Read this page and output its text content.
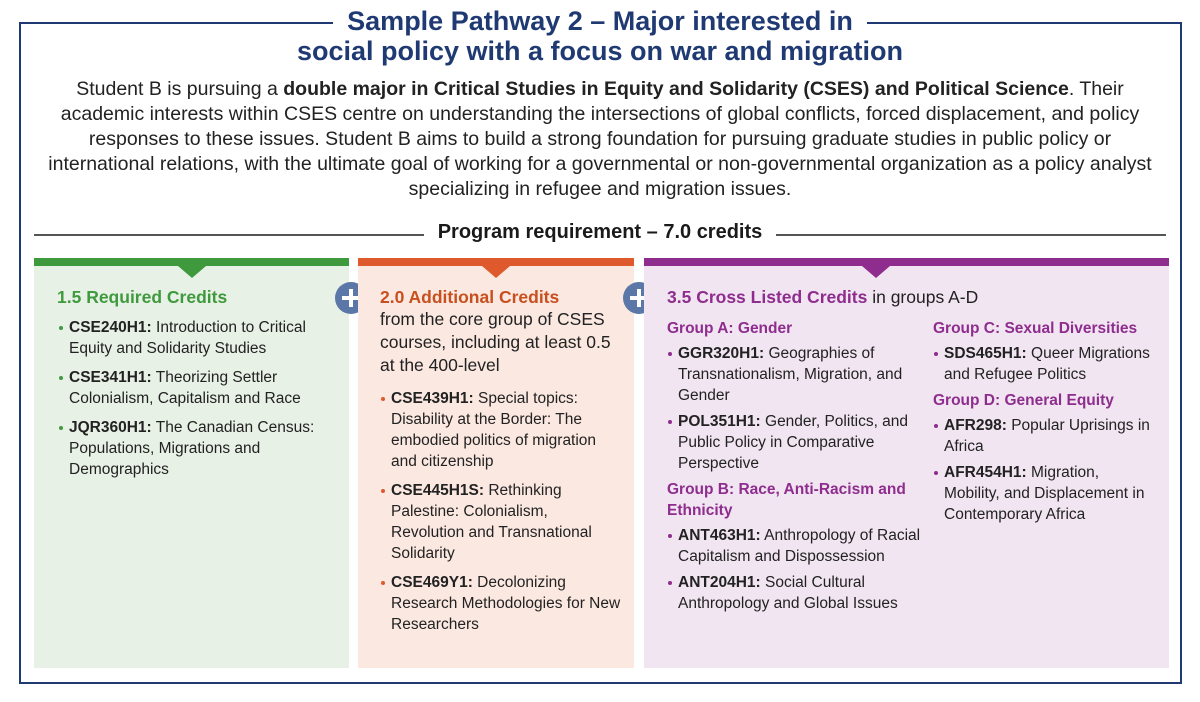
Sample Pathway 2 – Major interested in
social policy with a focus on war and migration

Student B is pursuing a double major in Critical Studies in Equity and Solidarity (CSES) and Political Science. Their academic interests within CSES centre on understanding the intersections of global conflicts, forced displacement, and policy responses to these issues. Student B aims to build a strong foundation for pursuing graduate studies in public policy or international relations, with the ultimate goal of working for a governmental or non-governmental organization as a policy analyst specializing in refugee and migration issues.

Program requirement – 7.0 credits
1.5 Required Credits
CSE240H1: Introduction to Critical Equity and Solidarity Studies
CSE341H1: Theorizing Settler Colonialism, Capitalism and Race
JQR360H1: The Canadian Census: Populations, Migrations and Demographics
2.0 Additional Credits
from the core group of CSES courses, including at least 0.5 at the 400-level
CSE439H1: Special topics: Disability at the Border: The embodied politics of migration and citizenship
CSE445H1S: Rethinking Palestine: Colonialism, Revolution and Transnational Solidarity
CSE469Y1: Decolonizing Research Methodologies for New Researchers
3.5 Cross Listed Credits in groups A-D
Group A: Gender
GGR320H1: Geographies of Transnationalism, Migration, and Gender
POL351H1: Gender, Politics, and Public Policy in Comparative Perspective
Group B: Race, Anti-Racism and Ethnicity
ANT463H1: Anthropology of Racial Capitalism and Dispossession
ANT204H1: Social Cultural Anthropology and Global Issues
Group C: Sexual Diversities
SDS465H1: Queer Migrations and Refugee Politics
Group D: General Equity
AFR298: Popular Uprisings in Africa
AFR454H1: Migration, Mobility, and Displacement in Contemporary Africa
